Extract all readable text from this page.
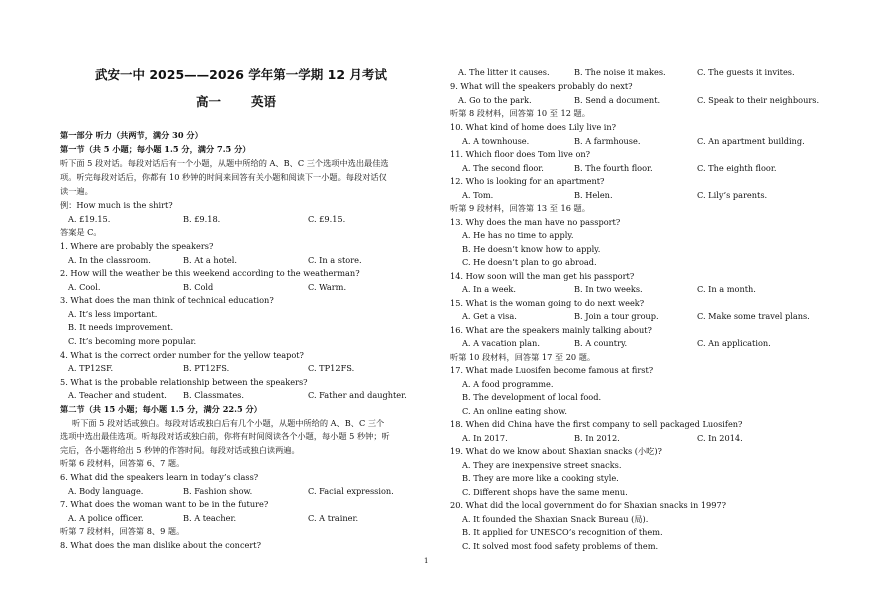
武安一中 2025——2026 学年第一学期 12 月考试
高一 英语
第一部分 听力（共两节，满分 30 分）
第一节（共 5 小题；每小题 1.5 分，满分 7.5 分）
听下面 5 段对话。每段对话后有一个小题，从题中所给的 A、B、C 三个选项中选出最佳选
项。听完每段对话后，你都有 10 秒钟的时间来回答有关小题和阅读下一小题。每段对话仅
读一遍。
例：How much is the shirt?
A. £19.15.	B. £9.18.	C. £9.15.
答案是 C。
1. Where are probably the speakers?
A. In the classroom.	B. At a hotel.	C. In a store.
2. How will the weather be this weekend according to the weatherman?
A. Cool.	B. Cold	C. Warm.
3. What does the man think of technical education?
A. It’s less important.
B. It needs improvement.
C. It’s becoming more popular.
4. What is the correct order number for the yellow teapot?
A. TP12SF.	B. PT12FS.	C. TP12FS.
5. What is the probable relationship between the speakers?
A. Teacher and student. B. Classmates.	C. Father and daughter.
第二节（共 15 小题；每小题 1.5 分，满分 22.5 分）
听下面 5 段对话或独白。每段对话或独白后有几个小题，从题中所给的 A、B、C 三个
选项中选出最佳选项。听每段对话或独白前，你将有时间阅读各个小题，每小题 5 秒钟；听
完后，各小题将给出 5 秒钟的作答时间。每段对话或独白读两遍。
听第 6 段材料，回答第 6、7 题。
6. What did the speakers learn in today’s class?
A. Body language.	B. Fashion show.	C. Facial expression.
7. What does the woman want to be in the future?
A. A police officer.	B. A teacher.	C. A trainer.
听第 7 段材料，回答第 8、9 题。
8. What does the man dislike about the concert?
A. The litter it causes.	B. The noise it makes.	C. The guests it invites.
9. What will the speakers probably do next?
A. Go to the park.	B. Send a document.	C. Speak to their neighbours.
听第 8 段材料，回答第 10 至 12 题。
10. What kind of home does Lily live in?
A. A townhouse.	B. A farmhouse.	C. An apartment building.
11. Which floor does Tom live on?
A. The second floor.	B. The fourth floor.	C. The eighth floor.
12. Who is looking for an apartment?
A. Tom.	B. Helen.	C. Lily’s parents.
听第 9 段材料，回答第 13 至 16 题。
13. Why does the man have no passport?
A. He has no time to apply.
B. He doesn’t know how to apply.
C. He doesn’t plan to go abroad.
14. How soon will the man get his passport?
A. In a week.	B. In two weeks.	C. In a month.
15. What is the woman going to do next week?
A. Get a visa.	B. Join a tour group.	C. Make some travel plans.
16. What are the speakers mainly talking about?
A. A vacation plan.	B. A country.	C. An application.
听第 10 段材料，回答第 17 至 20 题。
17. What made Luosifen become famous at first?
A. A food programme.
B. The development of local food.
C. An online eating show.
18. When did China have the first company to sell packaged Luosifen?
A. In 2017.	B. In 2012.	C. In 2014.
19. What do we know about Shaxian snacks (小吃)?
A. They are inexpensive street snacks.
B. They are more like a cooking style.
C. Different shops have the same menu.
20. What did the local government do for Shaxian snacks in 1997?
A. It founded the Shaxian Snack Bureau (局).
B. It applied for UNESCO’s recognition of them.
C. It solved most food safety problems of them.
1
